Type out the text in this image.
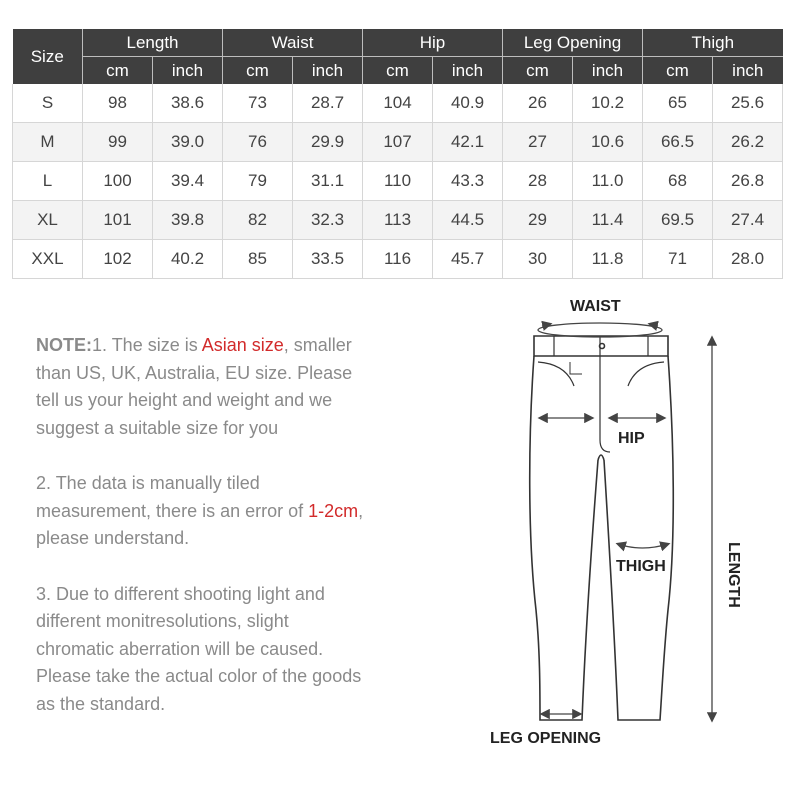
Size	Length		Waist		Hip		Leg Opening		Thigh	
	cm	inch	cm	inch	cm	inch	cm	inch	cm	inch
S	98	38.6	73	28.7	104	40.9	26	10.2	65	25.6
M	99	39.0	76	29.9	107	42.1	27	10.6	66.5	26.2
L	100	39.4	79	31.1	110	43.3	28	11.0	68	26.8
XL	101	39.8	82	32.3	113	44.5	29	11.4	69.5	27.4
XXL	102	40.2	85	33.5	116	45.7	30	11.8	71	28.0

NOTE:1. The size is Asian size, smaller than US, UK, Australia, EU size. Please tell us your height and weight and we suggest a suitable size for you

2. The data is manually tiled measurement, there is an error of 1-2cm, please understand.

3. Due to different shooting light and different monitresolutions, slight chromatic aberration will be caused. Please take the actual color of the goods as the standard.

WAIST
HIP
THIGH	LENGTH
LEG OPENING
